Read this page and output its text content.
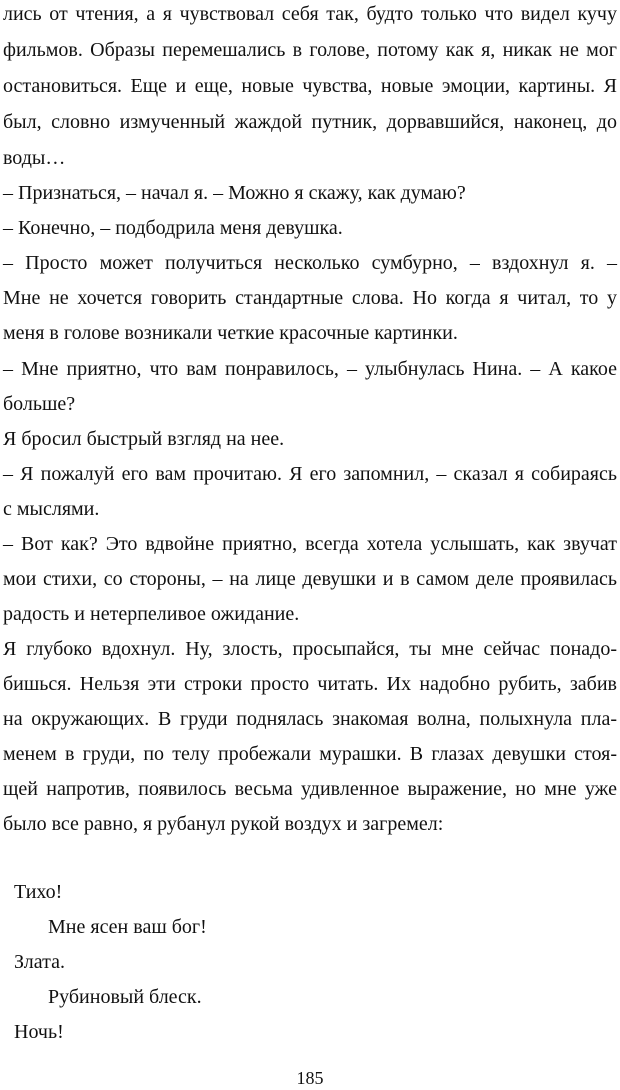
лись от чтения, а я чувствовал себя так, будто только что видел кучу
фильмов. Образы перемешались в голове, потому как я, никак не мог
остановиться. Еще и еще, новые чувства, новые эмоции, картины. Я
был, словно измученный жаждой путник, дорвавшийся, наконец, до
воды…
– Признаться, – начал я. – Можно я скажу, как думаю?
– Конечно, – подбодрила меня девушка.
– Просто может получиться несколько сумбурно, – вздохнул я. –
Мне не хочется говорить стандартные слова. Но когда я читал, то у
меня в голове возникали четкие красочные картинки.
– Мне приятно, что вам понравилось, – улыбнулась Нина. – А какое
больше?
Я бросил быстрый взгляд на нее.
– Я пожалуй его вам прочитаю. Я его запомнил, – сказал я собираясь
с мыслями.
– Вот как? Это вдвойне приятно, всегда хотела услышать, как звучат
мои стихи, со стороны, – на лице девушки и в самом деле проявилась
радость и нетерпеливое ожидание.
Я глубоко вдохнул. Ну, злость, просыпайся, ты мне сейчас понадо-
бишься. Нельзя эти строки просто читать. Их надобно рубить, забив
на окружающих. В груди поднялась знакомая волна, полыхнула пла-
менем в груди, по телу пробежали мурашки. В глазах девушки стоя-
щей напротив, появилось весьма удивленное выражение, но мне уже
было все равно, я рубанул рукой воздух и загремел:
Тихо!
Мне ясен ваш бог!
Злата.
Рубиновый блеск.
Ночь!
185
